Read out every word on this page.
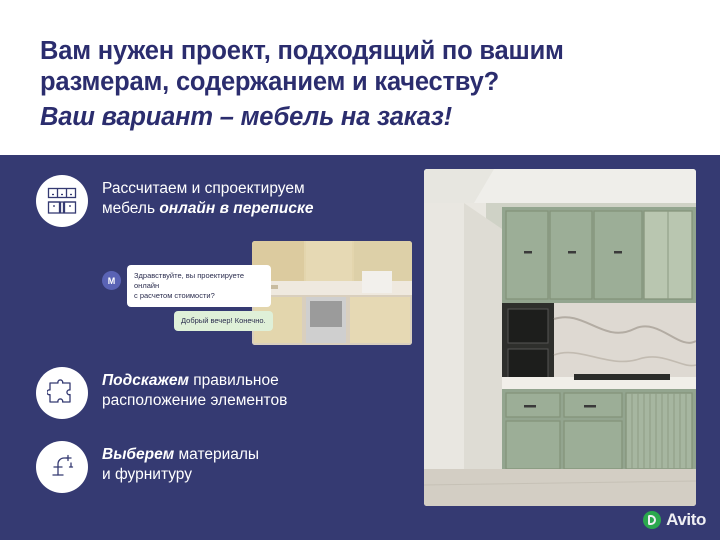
Вам нужен проект, подходящий по вашим
размерам, содержанием и качеству?
Ваш вариант – мебель на заказ!
Рассчитаем и спроектируем
мебель онлайн в переписке
М	Здравствуйте, вы проектируете онлайн
с расчетом стоимости?
Добрый вечер! Конечно.
Подскажем правильное
расположение элементов
Выберем материалы
и фурнитуру
Avito
